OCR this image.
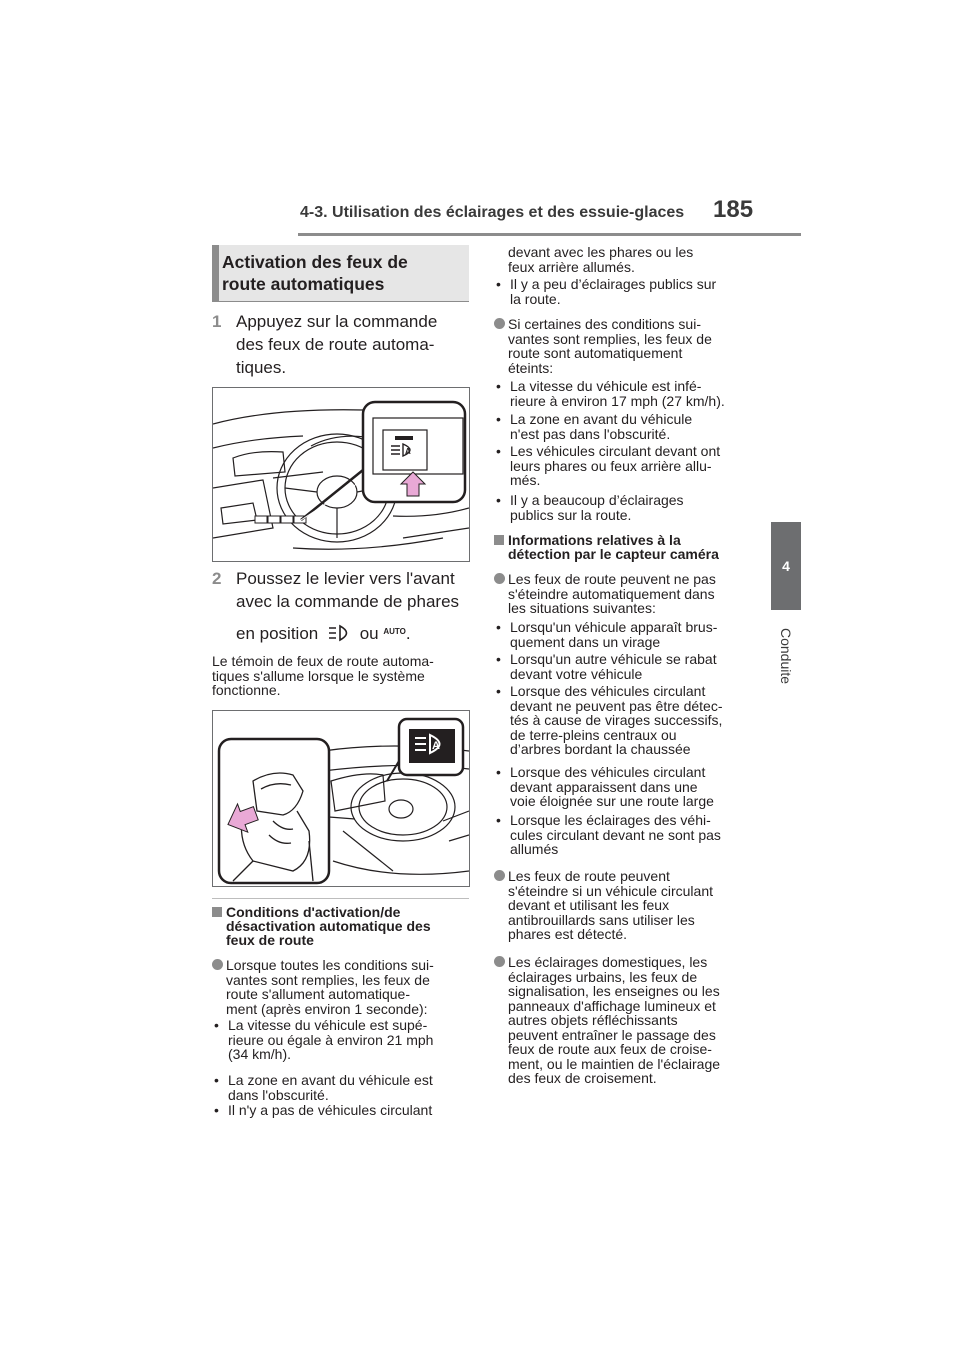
4-3. Utilisation des éclairages et des essuie-glaces 185
4
Conduite
Activation des feux de
route automatiques
1 Appuyez sur la commande
des feux de route automa-
tiques.
A
2 Poussez le levier vers l'avant
avec la commande de phares
en position ou $^{AUTO}$.
Le témoin de feux de route automa-
tiques s'allume lorsque le système
fonctionne.
A
Conditions d'activation/de
désactivation automatique des
feux de route
Lorsque toutes les conditions sui-
vantes sont remplies, les feux de
route s'allument automatique-
ment (après environ 1 seconde):
• La vitesse du véhicule est supé-
rieure ou égale à environ 21 mph
(34 km/h).
• La zone en avant du véhicule est
dans l'obscurité.
• Il n'y a pas de véhicules circulant
devant avec les phares ou les
feux arrière allumés.
• Il y a peu d’éclairages publics sur
la route.
Si certaines des conditions sui-
vantes sont remplies, les feux de
route sont automatiquement
éteints:
• La vitesse du véhicule est infé-
rieure à environ 17 mph (27 km/h).
• La zone en avant du véhicule
n'est pas dans l'obscurité.
• Les véhicules circulant devant ont
leurs phares ou feux arrière allu-
més.
• Il y a beaucoup d’éclairages
publics sur la route.
Informations relatives à la
détection par le capteur caméra
Les feux de route peuvent ne pas
s'éteindre automatiquement dans
les situations suivantes:
• Lorsqu'un véhicule apparaît brus-
quement dans un virage
• Lorsqu'un autre véhicule se rabat
devant votre véhicule
• Lorsque des véhicules circulant
devant ne peuvent pas être détec-
tés à cause de virages successifs,
de terre-pleins centraux ou
d’arbres bordant la chaussée
• Lorsque des véhicules circulant
devant apparaissent dans une
voie éloignée sur une route large
• Lorsque les éclairages des véhi-
cules circulant devant ne sont pas
allumés
Les feux de route peuvent
s'éteindre si un véhicule circulant
devant et utilisant les feux
antibrouillards sans utiliser les
phares est détecté.
Les éclairages domestiques, les
éclairages urbains, les feux de
signalisation, les enseignes ou les
panneaux d'affichage lumineux et
autres objets réfléchissants
peuvent entraîner le passage des
feux de route aux feux de croise-
ment, ou le maintien de l'éclairage
des feux de croisement.
